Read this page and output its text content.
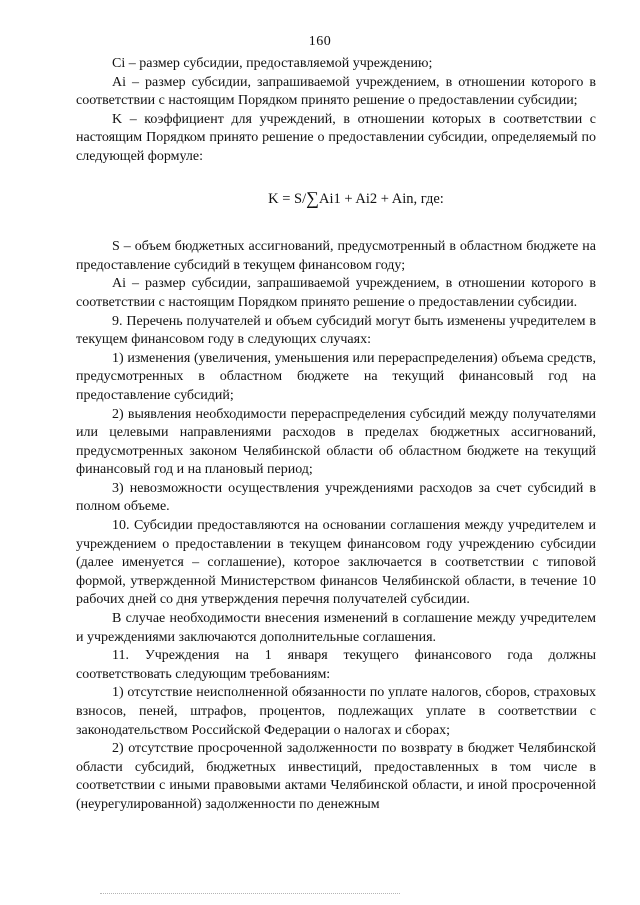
160

Ci – размер субсидии, предоставляемой учреждению;

Ai – размер субсидии, запрашиваемой учреждением, в отношении которого в соответствии с настоящим Порядком принято решение о предоставлении субсидии;

K – коэффициент для учреждений, в отношении которых в соответствии с настоящим Порядком принято решение о предоставлении субсидии, определяемый по следующей формуле:

K = S/∑Ai1 + Ai2 + Ain, где:

S – объем бюджетных ассигнований, предусмотренный в областном бюджете на предоставление субсидий в текущем финансовом году;

Ai – размер субсидии, запрашиваемой учреждением, в отношении которого в соответствии с настоящим Порядком принято решение о предоставлении субсидии.

9. Перечень получателей и объем субсидий могут быть изменены учредителем в текущем финансовом году в следующих случаях:

1) изменения (увеличения, уменьшения или перераспределения) объема средств, предусмотренных в областном бюджете на текущий финансовый год на предоставление субсидий;

2) выявления необходимости перераспределения субсидий между получателями или целевыми направлениями расходов в пределах бюджетных ассигнований, предусмотренных законом Челябинской области об областном бюджете на текущий финансовый год и на плановый период;

3) невозможности осуществления учреждениями расходов за счет субсидий в полном объеме.

10. Субсидии предоставляются на основании соглашения между учредителем и учреждением о предоставлении в текущем финансовом году учреждению субсидии (далее именуется – соглашение), которое заключается в соответствии с типовой формой, утвержденной Министерством финансов Челябинской области, в течение 10 рабочих дней со дня утверждения перечня получателей субсидии.

В случае необходимости внесения изменений в соглашение между учредителем и учреждениями заключаются дополнительные соглашения.

11. Учреждения на 1 января текущего финансового года должны соответствовать следующим требованиям:

1) отсутствие неисполненной обязанности по уплате налогов, сборов, страховых взносов, пеней, штрафов, процентов, подлежащих уплате в соответствии с законодательством Российской Федерации о налогах и сборах;

2) отсутствие просроченной задолженности по возврату в бюджет Челябинской области субсидий, бюджетных инвестиций, предоставленных в том числе в соответствии с иными правовыми актами Челябинской области, и иной просроченной (неурегулированной) задолженности по денежным
